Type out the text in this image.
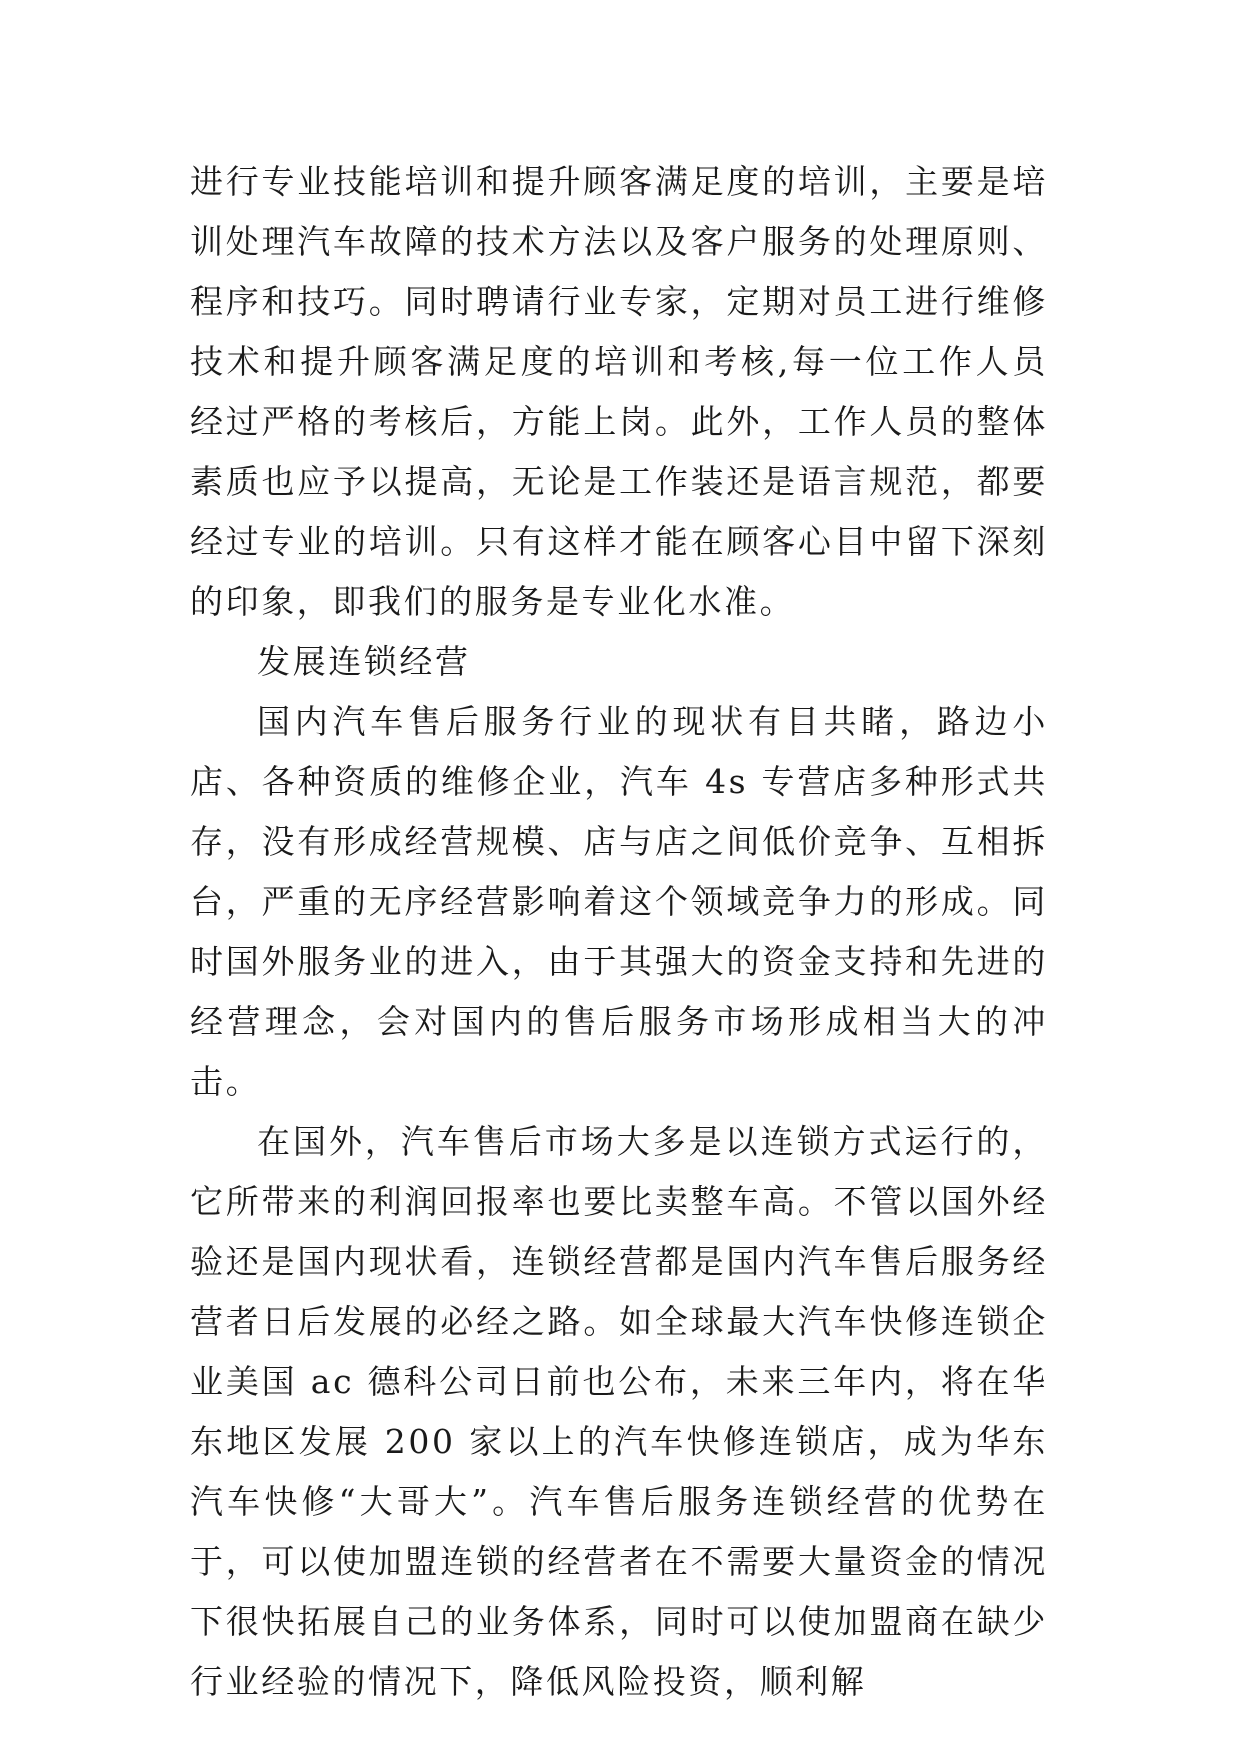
进行专业技能培训和提升顾客满足度的培训，主要是培训处理汽车故障的技术方法以及客户服务的处理原则、程序和技巧。同时聘请行业专家，定期对员工进行维修技术和提升顾客满足度的培训和考核,每一位工作人员经过严格的考核后，方能上岗。此外，工作人员的整体素质也应予以提高，无论是工作装还是语言规范，都要经过专业的培训。只有这样才能在顾客心目中留下深刻的印象，即我们的服务是专业化水准。

发展连锁经营

国内汽车售后服务行业的现状有目共睹，路边小店、各种资质的维修企业，汽车 4s 专营店多种形式共存，没有形成经营规模、店与店之间低价竞争、互相拆台，严重的无序经营影响着这个领域竞争力的形成。同时国外服务业的进入，由于其强大的资金支持和先进的经营理念，会对国内的售后服务市场形成相当大的冲击。

在国外，汽车售后市场大多是以连锁方式运行的，它所带来的利润回报率也要比卖整车高。不管以国外经验还是国内现状看，连锁经营都是国内汽车售后服务经营者日后发展的必经之路。如全球最大汽车快修连锁企业美国 ac 德科公司日前也公布，未来三年内，将在华东地区发展 200 家以上的汽车快修连锁店，成为华东汽车快修“大哥大”。汽车售后服务连锁经营的优势在于，可以使加盟连锁的经营者在不需要大量资金的情况下很快拓展自己的业务体系，同时可以使加盟商在缺少行业经验的情况下，降低风险投资，顺利解
